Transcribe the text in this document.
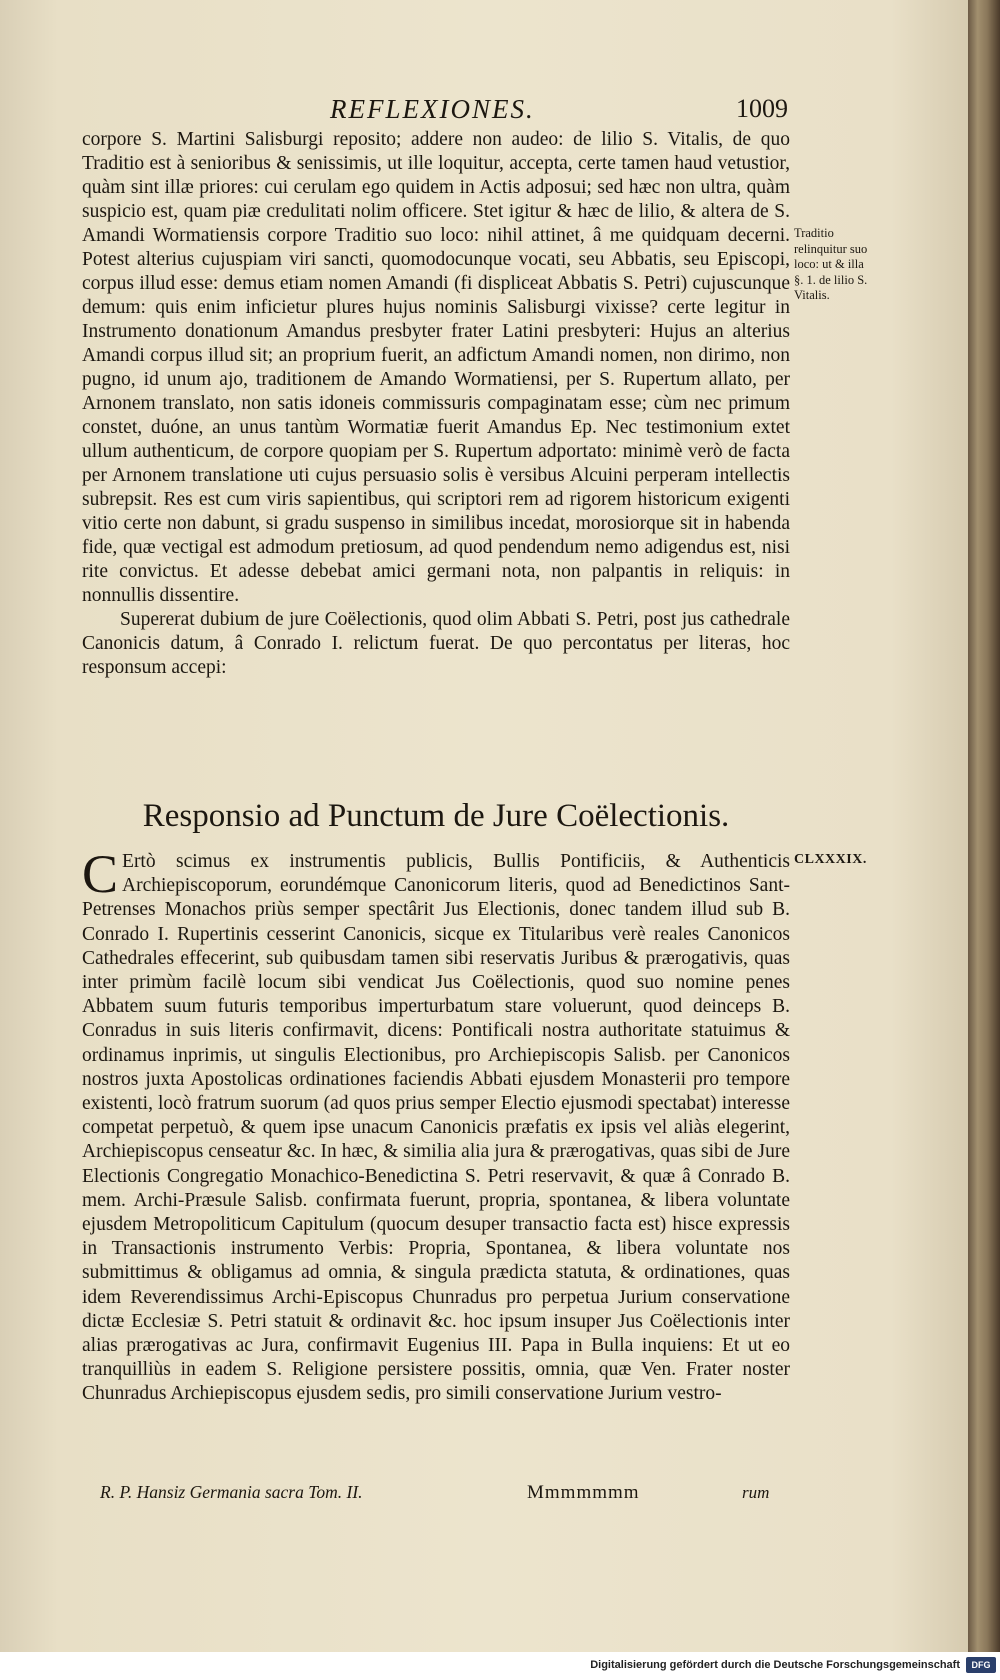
REFLEXIONES.	1009

corpore S. Martini Salisburgi reposito; addere non audeo: de lilio S. Vitalis, de quo Traditio est à senioribus & senissimis, ut ille loquitur, accepta, certe tamen haud vetustior, quàm sint illæ priores: cui cerulam ego quidem in Actis adposui; sed hæc non ultra, quàm suspicio est, quam piæ credulitati nolim officere. Stet igitur & hæc de lilio, & altera de S. Amandi Wormatiensis corpore Traditio suo loco: nihil attinet, â me quidquam decerni. Potest alterius cujuspiam viri sancti, quomodocunque vocati, seu Abbatis, seu Episcopi, corpus illud esse: demus etiam nomen Amandi (fi displiceat Abbatis S. Petri) cujuscunque demum: quis enim inficietur plures hujus nominis Salisburgi vixisse? certe legitur in Instrumento donationum Amandus presbyter frater Latini presbyteri: Hujus an alterius Amandi corpus illud sit; an proprium fuerit, an adfictum Amandi nomen, non dirimo, non pugno, id unum ajo, traditionem de Amando Wormatiensi, per S. Rupertum allato, per Arnonem translato, non satis idoneis commissuris compaginatam esse; cùm nec primum constet, duóne, an unus tantùm Wormatiæ fuerit Amandus Ep. Nec testimonium extet ullum authenticum, de corpore quopiam per S. Rupertum adportato: minimè verò de facta per Arnonem translatione uti cujus persuasio solis è versibus Alcuini perperam intellectis subrepsit. Res est cum viris sapientibus, qui scriptori rem ad rigorem historicum exigenti vitio certe non dabunt, si gradu suspenso in similibus incedat, morosiorque sit in habenda fide, quæ vectigal est admodum pretiosum, ad quod pendendum nemo adigendus est, nisi rite convictus. Et adesse debebat amici germani nota, non palpantis in reliquis: in nonnullis dissentire.

Supererat dubium de jure Coëlectionis, quod olim Abbati S. Petri, post jus cathedrale Canonicis datum, â Conrado I. relictum fuerat. De quo percontatus per literas, hoc responsum accepi:

Traditio relinquitur suo loco: ut & illa §. 1. de lilio S. Vitalis.
Responsio ad Punctum de Jure Coëlectionis.
CLXXXIX.
C Ertò scimus ex instrumentis publicis, Bullis Pontificiis, & Authenticis Archiepiscoporum, eorundémque Canonicorum literis, quod ad Benedictinos Sant-Petrenses Monachos priùs semper spectârit Jus Electionis, donec tandem illud sub B. Conrado I. Rupertinis cesserint Canonicis, sicque ex Titularibus verè reales Canonicos Cathedrales effecerint, sub quibusdam tamen sibi reservatis Juribus & prærogativis, quas inter primùm facilè locum sibi vendicat Jus Coëlectionis, quod suo nomine penes Abbatem suum futuris temporibus imperturbatum stare voluerunt, quod deinceps B. Conradus in suis literis confirmavit, dicens: Pontificali nostra authoritate statuimus & ordinamus inprimis, ut singulis Electionibus, pro Archiepiscopis Salisb. per Canonicos nostros juxta Apostolicas ordinationes faciendis Abbati ejusdem Monasterii pro tempore existenti, locò fratrum suorum (ad quos prius semper Electio ejusmodi spectabat) interesse competat perpetuò, & quem ipse unacum Canonicis præfatis ex ipsis vel aliàs elegerint, Archiepiscopus censeatur &c. In hæc, & similia alia jura & prærogativas, quas sibi de Jure Electionis Congregatio Monachico-Benedictina S. Petri reservavit, & quæ â Conrado B. mem. Archi-Præsule Salisb. confirmata fuerunt, propria, spontanea, & libera voluntate ejusdem Metropoliticum Capitulum (quocum desuper transactio facta est) hisce expressis in Transactionis instrumento Verbis: Propria, Spontanea, & libera voluntate nos submittimus & obligamus ad omnia, & singula prædicta statuta, & ordinationes, quas idem Reverendissimus Archi-Episcopus Chunradus pro perpetua Jurium conservatione dictæ Ecclesiæ S. Petri statuit & ordinavit &c. hoc ipsum insuper Jus Coëlectionis inter alias prærogativas ac Jura, confirmavit Eugenius III. Papa in Bulla inquiens: Et ut eo tranquilliùs in eadem S. Religione persistere possitis, omnia, quæ Ven. Frater noster Chunradus Archiepiscopus ejusdem sedis, pro simili conservatione Jurium vestro-
R. P. Hansiz Germania sacra Tom. II.	Mmmmmmm	rum
Digitalisierung gefördert durch die Deutsche Forschungsgemeinschaft	DFG
